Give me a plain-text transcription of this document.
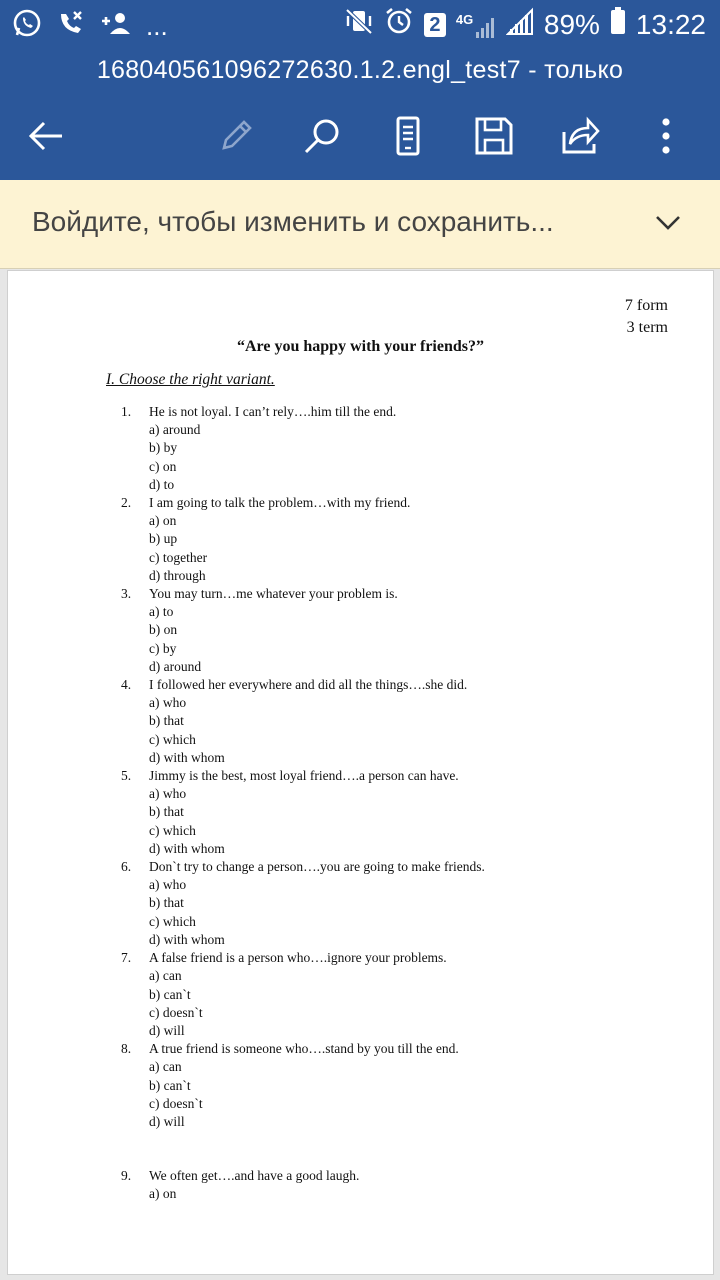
...	2	4G	89% 13:22
16804056109627263​0.1.2.engl_test7 - только
Войдите, чтобы изменить и сохранить...
7 form
3 term
“Are you happy with your friends?”
I. Choose the right variant.
1.	He is not loyal. I can’t rely….him till the end.
a) around
b) by
c) on
d) to
2.	I am going to talk the problem…with my friend.
a) on
b) up
c) together
d) through
3.	You may turn…me whatever your problem is.
a) to
b) on
c) by
d) around
4.	I followed her everywhere and did all the things….she did.
a) who
b) that
c) which
d) with whom
5.	Jimmy is the best, most loyal friend….a person can have.
a) who
b) that
c) which
d) with whom
6.	Don`t try to change a person….you are going to make friends.
a) who
b) that
c) which
d) with whom
7.	A false friend is a person who….ignore your problems.
a) can
b) can`t
c) doesn`t
d) will
8.	A true friend is someone who….stand by you till the end.
a) can
b) can`t
c) doesn`t
d) will
9.	We often get….and have a good laugh.
a) on
